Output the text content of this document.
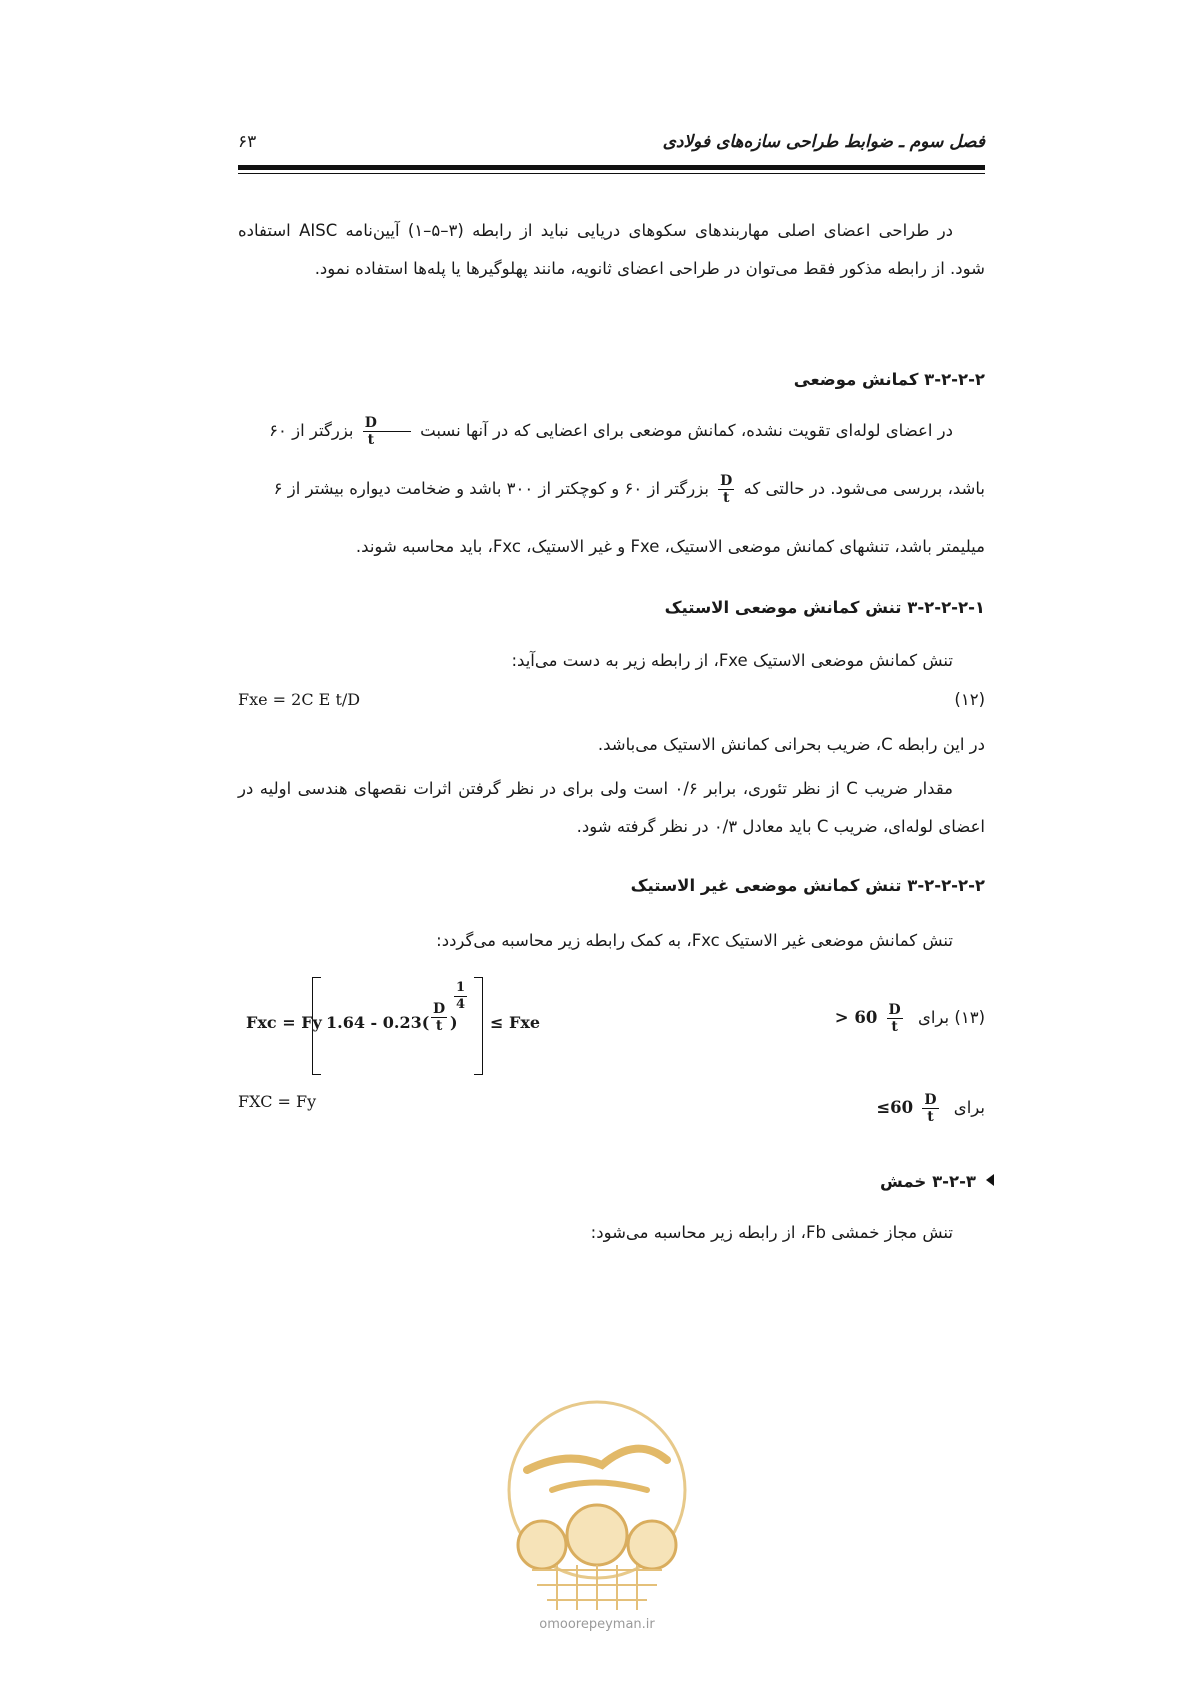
فصل سوم ـ ضوابط طراحی سازه‌های فولادی
۶۳
در طراحی اعضای اصلی مهاربندهای سکوهای دریایی نباید از رابطه (۳–۵–۱) آیین‌نامه AISC استفاده شود. از رابطه مذکور فقط می‌توان در طراحی اعضای ثانویه، مانند پهلوگیرها یا پله‌ها استفاده نمود.
۳-۲-۲-۲ کمانش موضعی
در اعضای لوله‌ای تقویت نشده، کمانش موضعی برای اعضایی که در آنها نسبت
$\frac{D}{t}$
بزرگتر از ۶۰
باشد، بررسی می‌شود. در حالتی که
$\frac{D}{t}$
بزرگتر از ۶۰ و کوچکتر از ۳۰۰ باشد و ضخامت دیواره بیشتر از ۶
میلیمتر باشد، تنشهای کمانش موضعی الاستیک، Fxe و غیر الاستیک، Fxc، باید محاسبه شوند.
۳-۲-۲-۲-۱ تنش کمانش موضعی الاستیک
تنش کمانش موضعی الاستیک Fxe، از رابطه زیر به دست می‌آید:
Fxe = 2C E t/D	(۱۲)
در این رابطه C، ضریب بحرانی کمانش الاستیک می‌باشد.
مقدار ضریب C از نظر تئوری، برابر ۰/۶ است ولی برای در نظر گرفتن اثرات نقصهای هندسی اولیه در اعضای لوله‌ای، ضریب C باید معادل ۰/۳ در نظر گرفته شود.
۳-۲-۲-۲-۲ تنش کمانش موضعی غیر الاستیک
تنش کمانش موضعی غیر الاستیک Fxc، به کمک رابطه زیر محاسبه می‌گردد:
Fxc = Fy $1.64 - 0.23( \frac{D}{t}$ )
$\frac{1}{4}$
≤ Fxe	(۱۳) برای
$\frac{D}{t}$
> 60
FXC = Fy	برای
$\frac{D}{t}$
≤60
۳-۲-۳ خمش
تنش مجاز خمشی Fb، از رابطه زیر محاسبه می‌شود:
omoorepeyman.ir
